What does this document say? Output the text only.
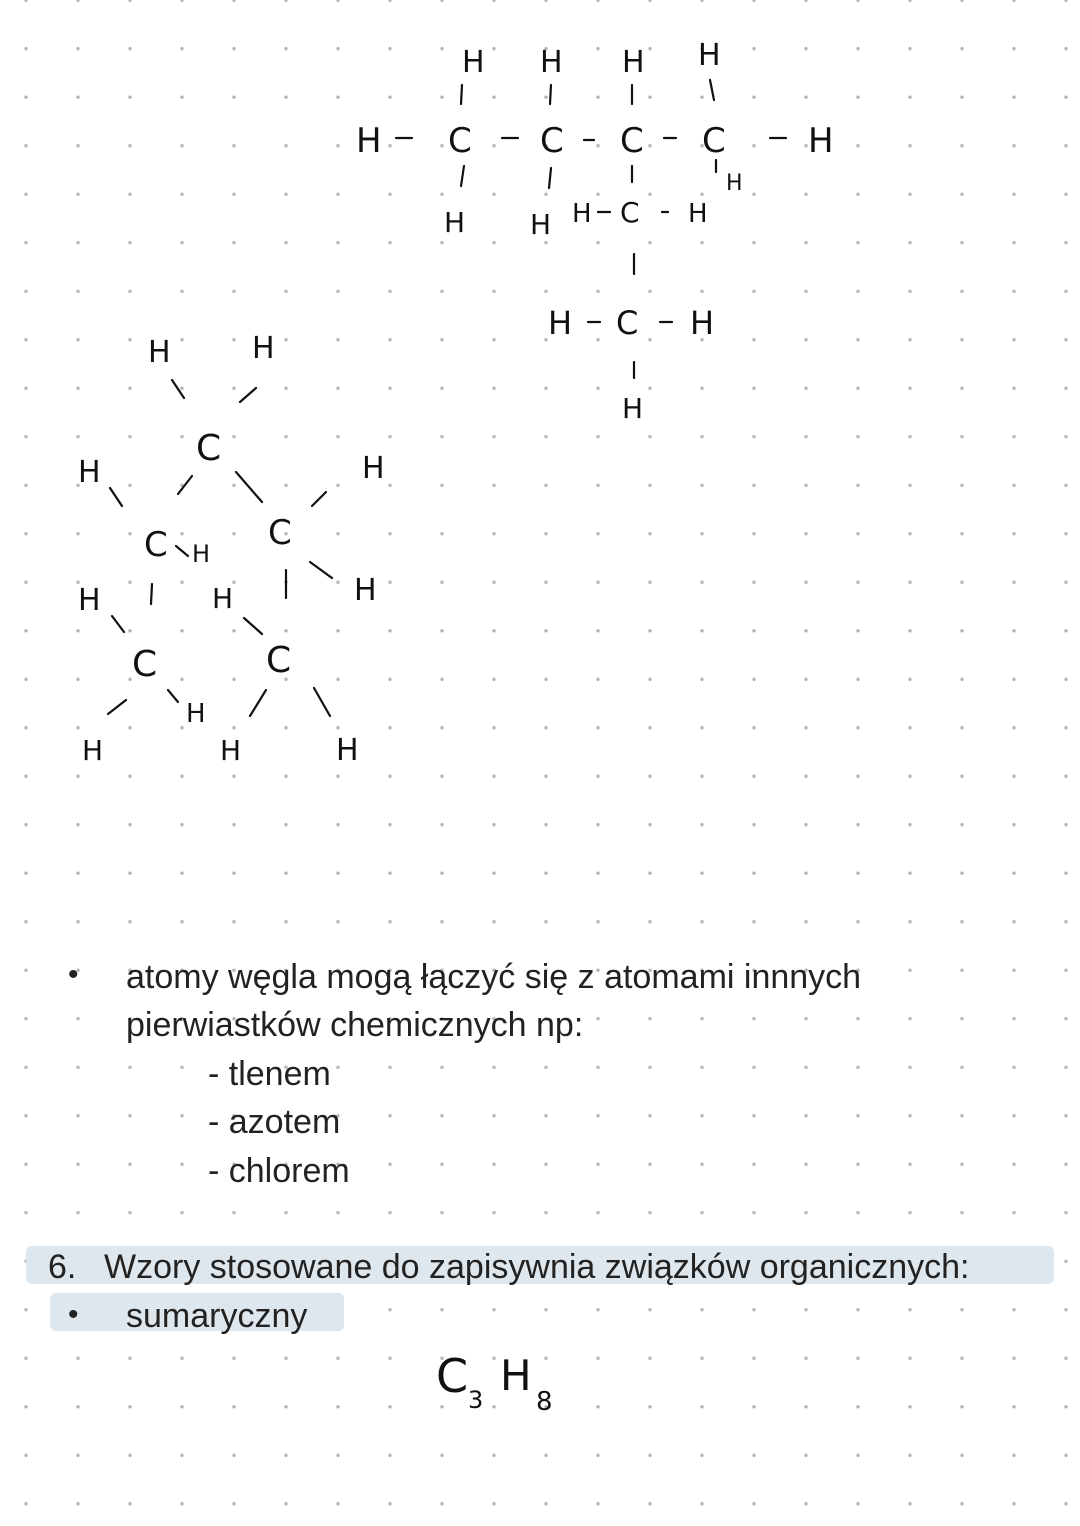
H H H H
H C C C C H
H H H C H
H
H C H
H
H	H
C
H	H
C H
C
H	H	H
C	C
H
H	H	H
C 3 H
8
• atomy węgla mogą łączyć się z atomami innnych
pierwiastków chemicznych np:
- tlenem
- azotem
- chlorem
6. Wzory stosowane do zapisywnia związków organicznych:
• sumaryczny
